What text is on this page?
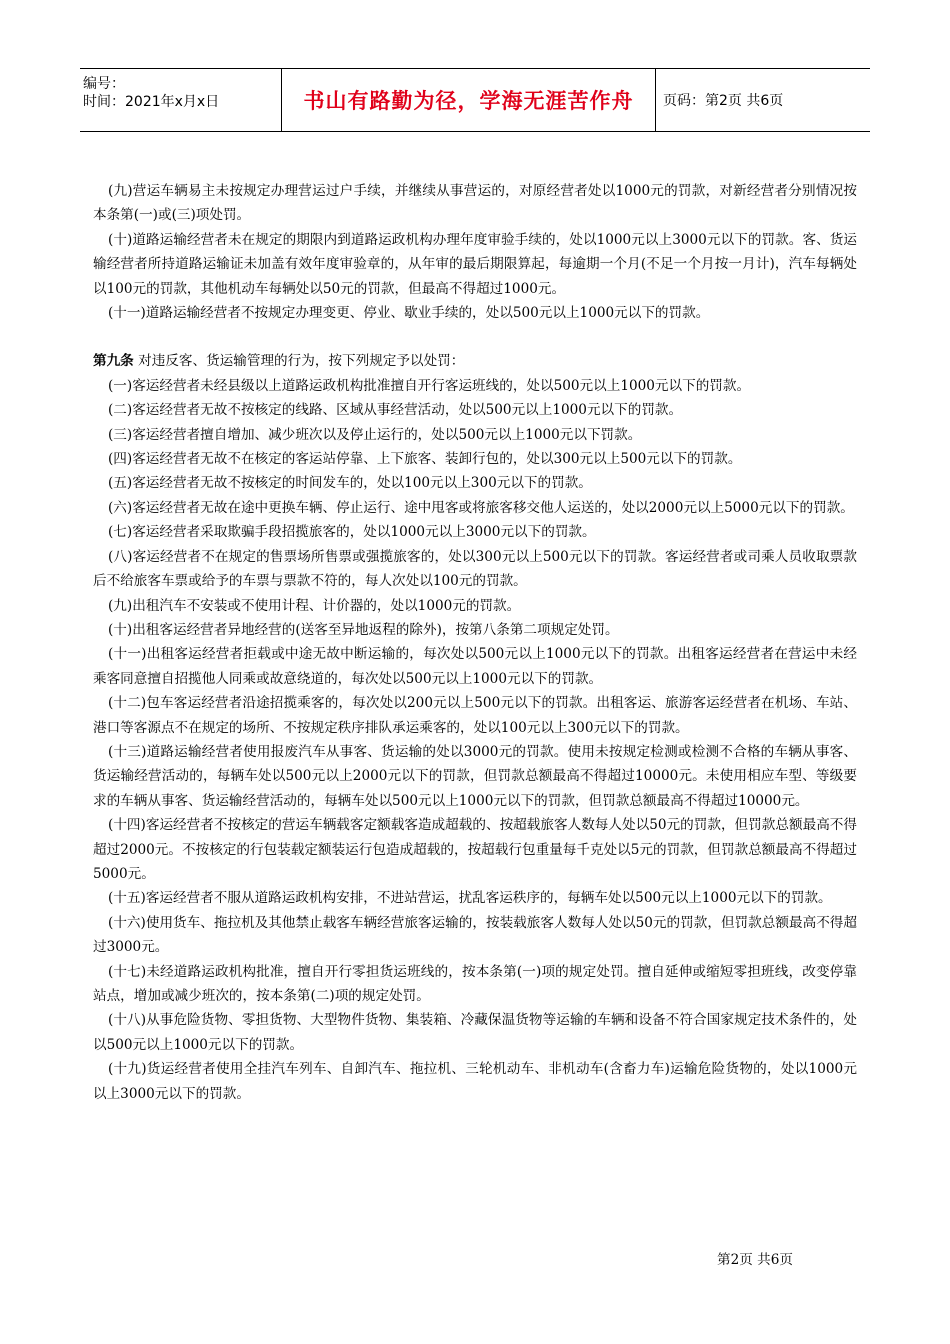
编号：
时间：2021年x月x日	书山有路勤为径，学海无涯苦作舟	页码：第2页 共6页

(九)营运车辆易主未按规定办理营运过户手续，并继续从事营运的，对原经营者处以1000元的罚款，对新经营者分别情况按本条第(一)或(三)项处罚。

(十)道路运输经营者未在规定的期限内到道路运政机构办理年度审验手续的，处以1000元以上3000元以下的罚款。客、货运输经营者所持道路运输证未加盖有效年度审验章的，从年审的最后期限算起，每逾期一个月(不足一个月按一月计)，汽车每辆处以100元的罚款，其他机动车每辆处以50元的罚款，但最高不得超过1000元。

(十一)道路运输经营者不按规定办理变更、停业、歇业手续的，处以500元以上1000元以下的罚款。

第九条 对违反客、货运输管理的行为，按下列规定予以处罚：

(一)客运经营者未经县级以上道路运政机构批准擅自开行客运班线的，处以500元以上1000元以下的罚款。

(二)客运经营者无故不按核定的线路、区域从事经营活动，处以500元以上1000元以下的罚款。

(三)客运经营者擅自增加、减少班次以及停止运行的，处以500元以上1000元以下罚款。

(四)客运经营者无故不在核定的客运站停靠、上下旅客、装卸行包的，处以300元以上500元以下的罚款。

(五)客运经营者无故不按核定的时间发车的，处以100元以上300元以下的罚款。

(六)客运经营者无故在途中更换车辆、停止运行、途中甩客或将旅客移交他人运送的，处以2000元以上5000元以下的罚款。

(七)客运经营者采取欺骗手段招揽旅客的，处以1000元以上3000元以下的罚款。

(八)客运经营者不在规定的售票场所售票或强揽旅客的，处以300元以上500元以下的罚款。客运经营者或司乘人员收取票款后不给旅客车票或给予的车票与票款不符的，每人次处以100元的罚款。

(九)出租汽车不安装或不使用计程、计价器的，处以1000元的罚款。

(十)出租客运经营者异地经营的(送客至异地返程的除外)，按第八条第二项规定处罚。

(十一)出租客运经营者拒载或中途无故中断运输的，每次处以500元以上1000元以下的罚款。出租客运经营者在营运中未经乘客同意擅自招揽他人同乘或故意绕道的，每次处以500元以上1000元以下的罚款。

(十二)包车客运经营者沿途招揽乘客的，每次处以200元以上500元以下的罚款。出租客运、旅游客运经营者在机场、车站、港口等客源点不在规定的场所、不按规定秩序排队承运乘客的，处以100元以上300元以下的罚款。

(十三)道路运输经营者使用报废汽车从事客、货运输的处以3000元的罚款。使用未按规定检测或检测不合格的车辆从事客、货运输经营活动的，每辆车处以500元以上2000元以下的罚款，但罚款总额最高不得超过10000元。未使用相应车型、等级要求的车辆从事客、货运输经营活动的，每辆车处以500元以上1000元以下的罚款，但罚款总额最高不得超过10000元。

(十四)客运经营者不按核定的营运车辆载客定额载客造成超载的、按超载旅客人数每人处以50元的罚款，但罚款总额最高不得超过2000元。不按核定的行包装载定额装运行包造成超载的，按超载行包重量每千克处以5元的罚款，但罚款总额最高不得超过5000元。

(十五)客运经营者不服从道路运政机构安排，不进站营运，扰乱客运秩序的，每辆车处以500元以上1000元以下的罚款。

(十六)使用货车、拖拉机及其他禁止载客车辆经营旅客运输的，按装载旅客人数每人处以50元的罚款，但罚款总额最高不得超过3000元。

(十七)未经道路运政机构批准，擅自开行零担货运班线的，按本条第(一)项的规定处罚。擅自延伸或缩短零担班线，改变停靠站点，增加或减少班次的，按本条第(二)项的规定处罚。

(十八)从事危险货物、零担货物、大型物件货物、集装箱、冷藏保温货物等运输的车辆和设备不符合国家规定技术条件的，处以500元以上1000元以下的罚款。

(十九)货运经营者使用全挂汽车列车、自卸汽车、拖拉机、三轮机动车、非机动车(含畜力车)运输危险货物的，处以1000元以上3000元以下的罚款。

第2页 共6页
